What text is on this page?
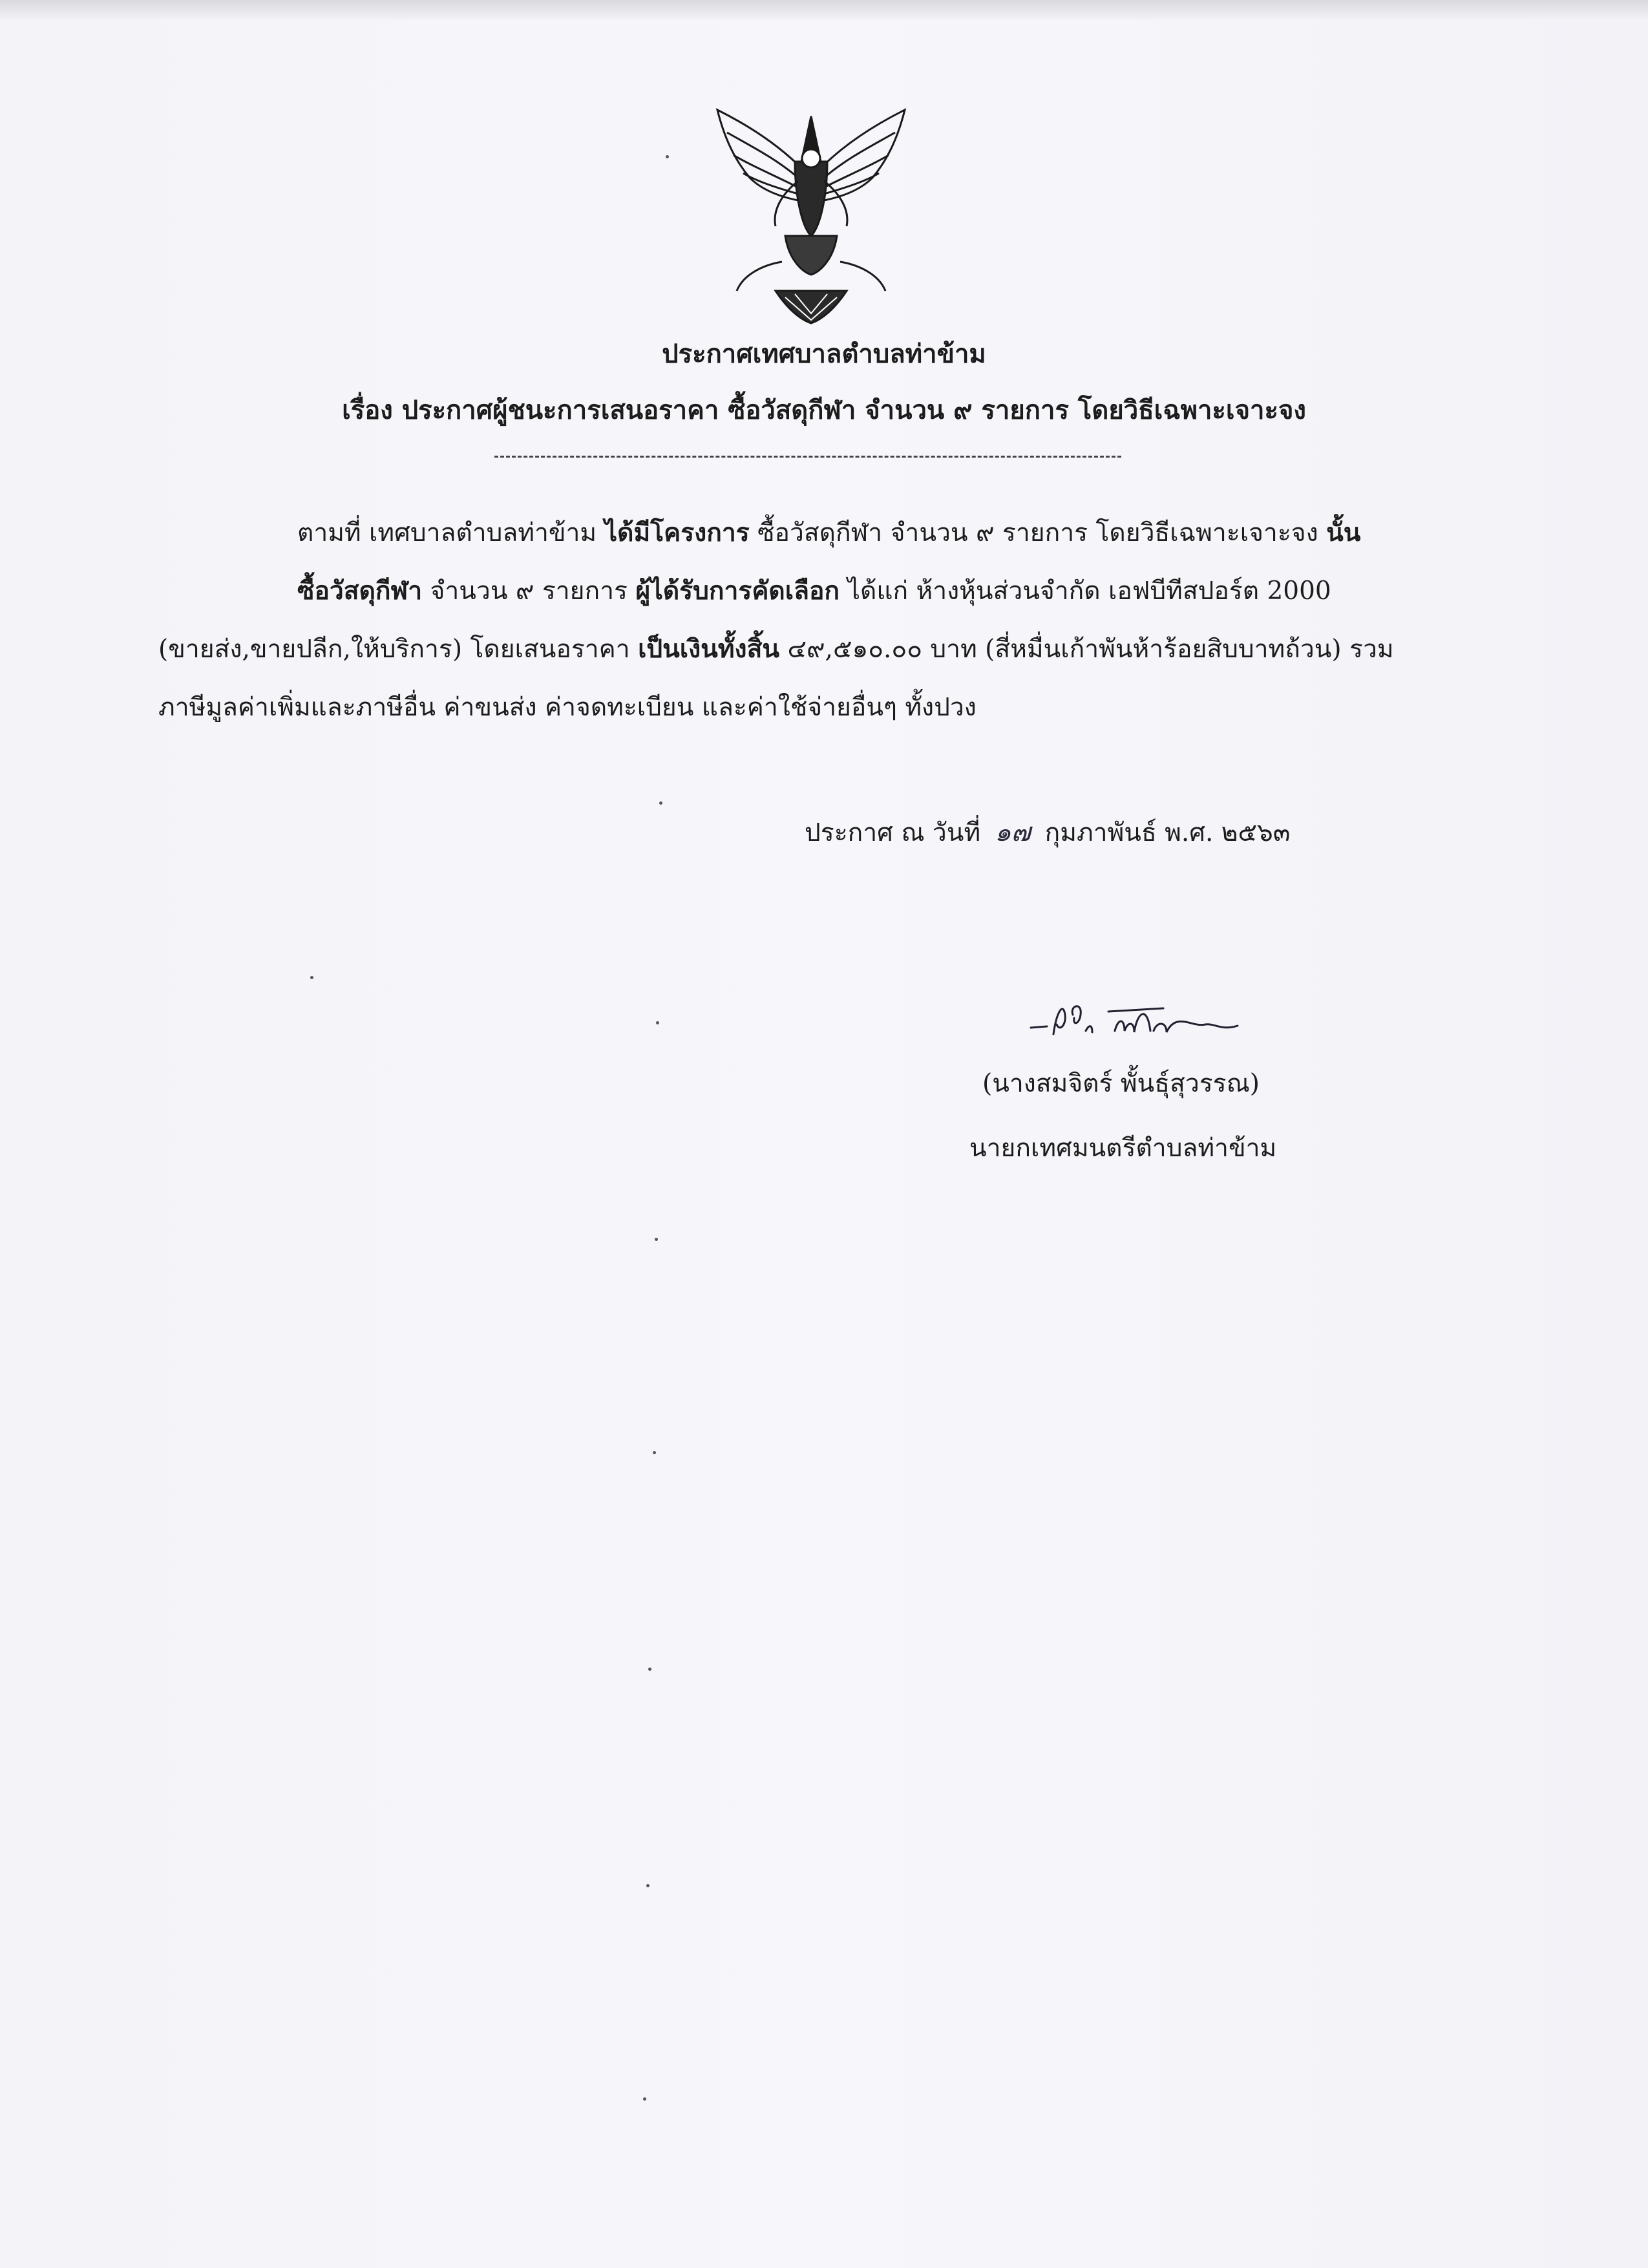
ประกาศเทศบาลตำบลท่าข้าม
เรื่อง ประกาศผู้ชนะการเสนอราคา ซื้อวัสดุกีฬา จำนวน ๙ รายการ โดยวิธีเฉพาะเจาะจง
ตามที่ เทศบาลตำบลท่าข้าม ได้มีโครงการ ซื้อวัสดุกีฬา จำนวน ๙ รายการ โดยวิธีเฉพาะเจาะจง นั้น
ซื้อวัสดุกีฬา จำนวน ๙ รายการ ผู้ได้รับการคัดเลือก ได้แก่ ห้างหุ้นส่วนจำกัด เอฟบีทีสปอร์ต 2000
(ขายส่ง,ขายปลีก,ให้บริการ) โดยเสนอราคา เป็นเงินทั้งสิ้น ๔๙,๕๑๐.๐๐ บาท (สี่หมื่นเก้าพันห้าร้อยสิบบาทถ้วน) รวม
ภาษีมูลค่าเพิ่มและภาษีอื่น ค่าขนส่ง ค่าจดทะเบียน และค่าใช้จ่ายอื่นๆ ทั้งปวง
ประกาศ ณ วันที่ ๑๗ กุมภาพันธ์ พ.ศ. ๒๕๖๓
(นางสมจิตร์ พั้นธุ์สุวรรณ)
นายกเทศมนตรีตำบลท่าข้าม
